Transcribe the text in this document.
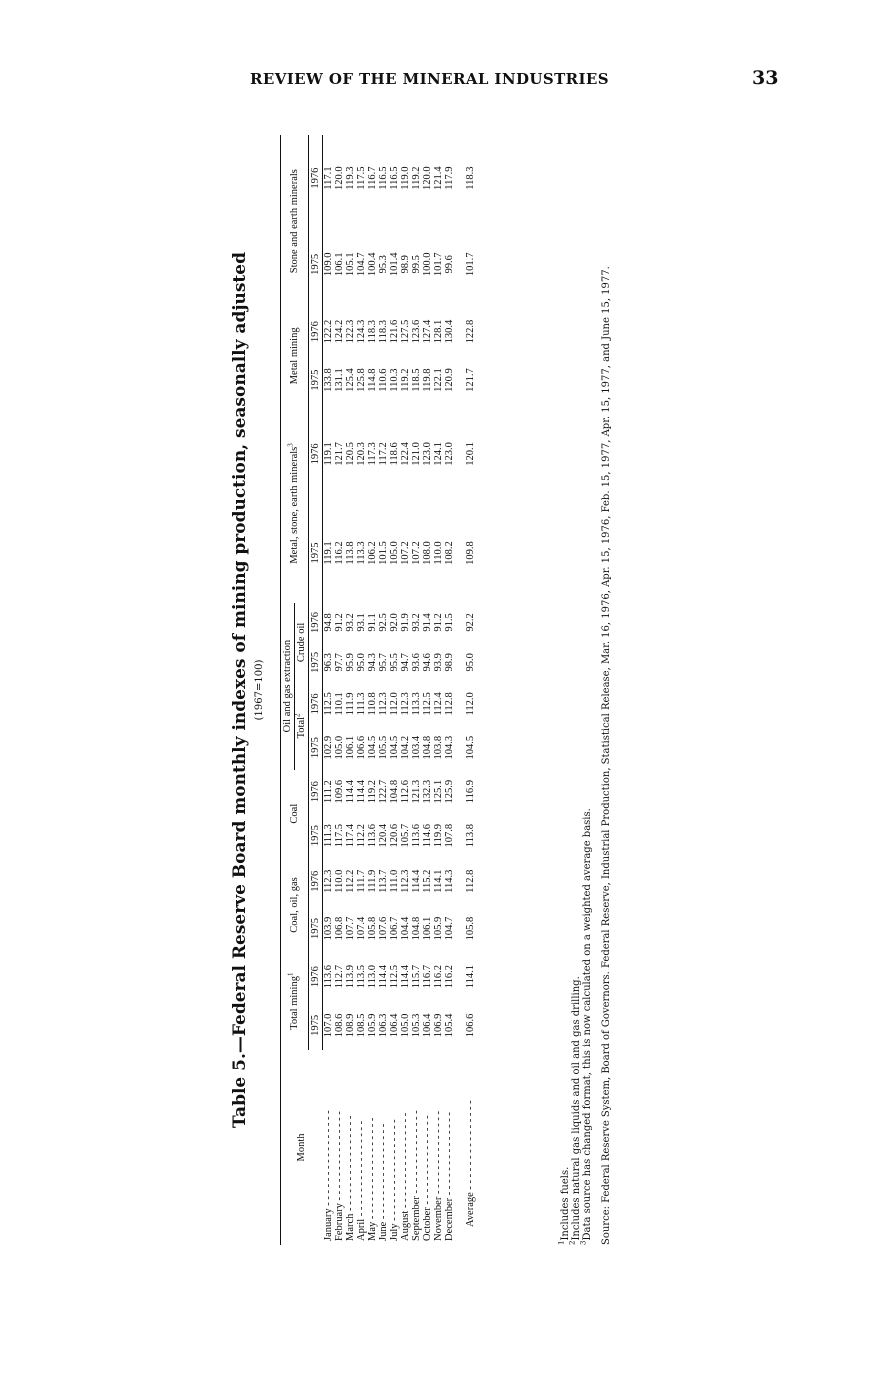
REVIEW OF THE MINERAL INDUSTRIES	33
Table 5.—Federal Reserve Board monthly indexes of mining production, seasonally adjusted (1967=100)
Month	Total mining$^1$		Coal, oil, gas		Coal		Oil and gas extraction				Metal, stone, earth minerals$^3$		Metal mining		Stone and earth minerals	
							Total$^2$		Crude oil							
	1975	1976	1975	1976	1975	1976	1975	1976	1975	1976	1975	1976	1975	1976	1975	1976
January - - - - - - - - - - - - - - - -	107.0	113.6	103.9	112.3	111.3	111.2	102.9	112.5	96.3	94.8	119.1	119.1	133.8	122.2	109.0	117.1
February - - - - - - - - - - - - - - -	108.6	112.7	106.8	110.0	117.5	109.6	105.0	110.1	97.7	91.2	116.2	121.7	131.1	124.2	106.1	120.0
March - - - - - - - - - - - - - - - -	108.9	113.9	107.7	112.2	117.4	114.4	106.1	111.9	95.9	93.2	113.8	120.5	125.4	122.3	105.1	119.3
April - - - - - - - - - - - - - - - -	108.5	113.5	107.4	111.7	112.2	114.4	106.6	111.3	95.0	93.1	113.3	120.3	125.8	124.3	104.7	117.5
May - - - - - - - - - - - - - - - - -	105.9	113.0	105.8	111.9	113.6	119.2	104.5	110.8	94.3	91.1	106.2	117.3	114.8	118.3	100.4	116.7
June - - - - - - - - - - - - - - - -	106.3	114.4	107.6	113.7	120.4	122.7	105.5	112.3	95.7	92.5	101.5	117.2	110.6	118.3	95.3	116.5
July - - - - - - - - - - - - - - - - -	106.4	112.5	106.7	111.0	120.6	104.8	104.5	112.0	95.5	92.0	105.0	118.6	110.3	121.6	101.4	116.5
August - - - - - - - - - - - - - - - -	105.0	114.4	104.4	112.3	105.7	112.6	104.2	112.3	94.7	91.9	107.2	122.4	119.2	127.5	98.9	119.0
September - - - - - - - - - - - - - -	105.3	115.7	104.8	114.4	113.6	121.3	103.4	113.3	93.6	93.2	107.2	121.0	118.5	123.6	99.5	119.2
October - - - - - - - - - - - - - - -	106.4	116.7	106.1	115.2	114.6	132.3	104.8	112.5	94.6	91.4	108.0	123.0	119.8	127.4	100.0	120.0
November - - - - - - - - - - - - - -	106.9	116.2	105.9	114.1	119.9	125.1	103.8	112.4	93.9	91.2	110.0	124.1	122.1	128.1	101.7	121.4
December - - - - - - - - - - - - - -	105.4	116.2	104.7	114.3	107.8	125.9	104.3	112.8	98.9	91.5	108.2	123.0	120.9	130.4	99.6	117.9
Average - - - - - - - - - - - - - - -	106.6	114.1	105.8	112.8	113.8	116.9	104.5	112.0	95.0	92.2	109.8	120.1	121.7	122.8	101.7	118.3
$^1$Includes fuels.
$^2$Includes natural gas liquids and oil and gas drilling.
$^3$Data source has changed format, this is now calculated on a weighted average basis. Source: Federal Reserve System, Board of Governors. Federal Reserve, Industrial Production, Statistical Release, Mar. 16, 1976, Apr. 15, 1976, Feb. 15, 1977, Apr. 15, 1977, and June 15, 1977.
